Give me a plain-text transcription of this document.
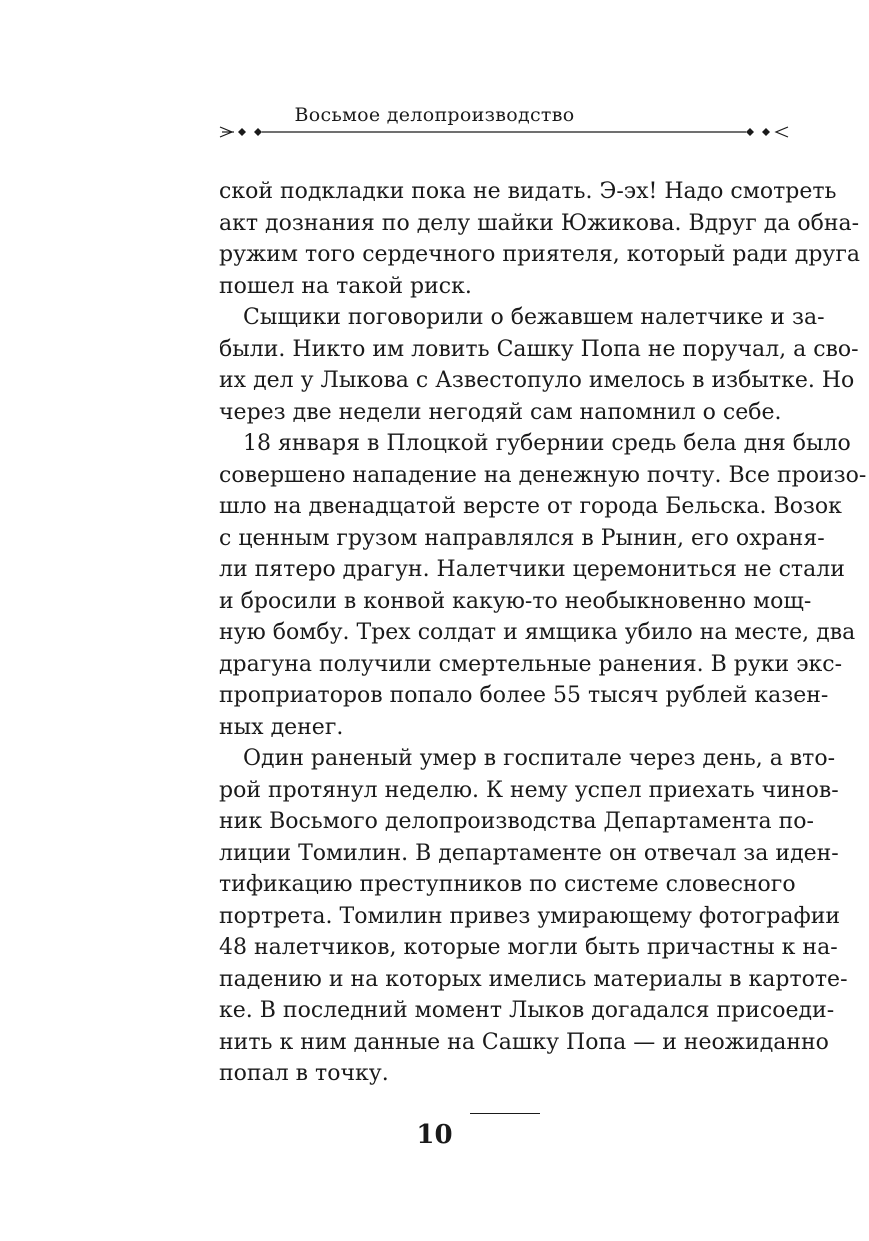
Восьмое делопроизводство
ской подкладки пока не видать. Э-эх! Надо смотреть
акт дознания по делу шайки Южикова. Вдруг да обна-
ружим того сердечного приятеля, который ради друга
пошел на такой риск.
Сыщики поговорили о бежавшем налетчике и за-
были. Никто им ловить Сашку Попа не поручал, а сво-
их дел у Лыкова с Азвестопуло имелось в избытке. Но
через две недели негодяй сам напомнил о себе.
18 января в Плоцкой губернии средь бела дня было
совершено нападение на денежную почту. Все произо-
шло на двенадцатой версте от города Бельска. Возок
с ценным грузом направлялся в Рынин, его охраня-
ли пятеро драгун. Налетчики церемониться не стали
и бросили в конвой какую-то необыкновенно мощ-
ную бомбу. Трех солдат и ямщика убило на месте, два
драгуна получили смертельные ранения. В руки экс-
проприаторов попало более 55 тысяч рублей казен-
ных денег.
Один раненый умер в госпитале через день, а вто-
рой протянул неделю. К нему успел приехать чинов-
ник Восьмого делопроизводства Департамента по-
лиции Томилин. В департаменте он отвечал за иден-
тификацию преступников по системе словесного
портрета. Томилин привез умирающему фотографии
48 налетчиков, которые могли быть причастны к на-
падению и на которых имелись материалы в картоте-
ке. В последний момент Лыков догадался присоеди-
нить к ним данные на Сашку Попа — и неожиданно
попал в точку.
10
